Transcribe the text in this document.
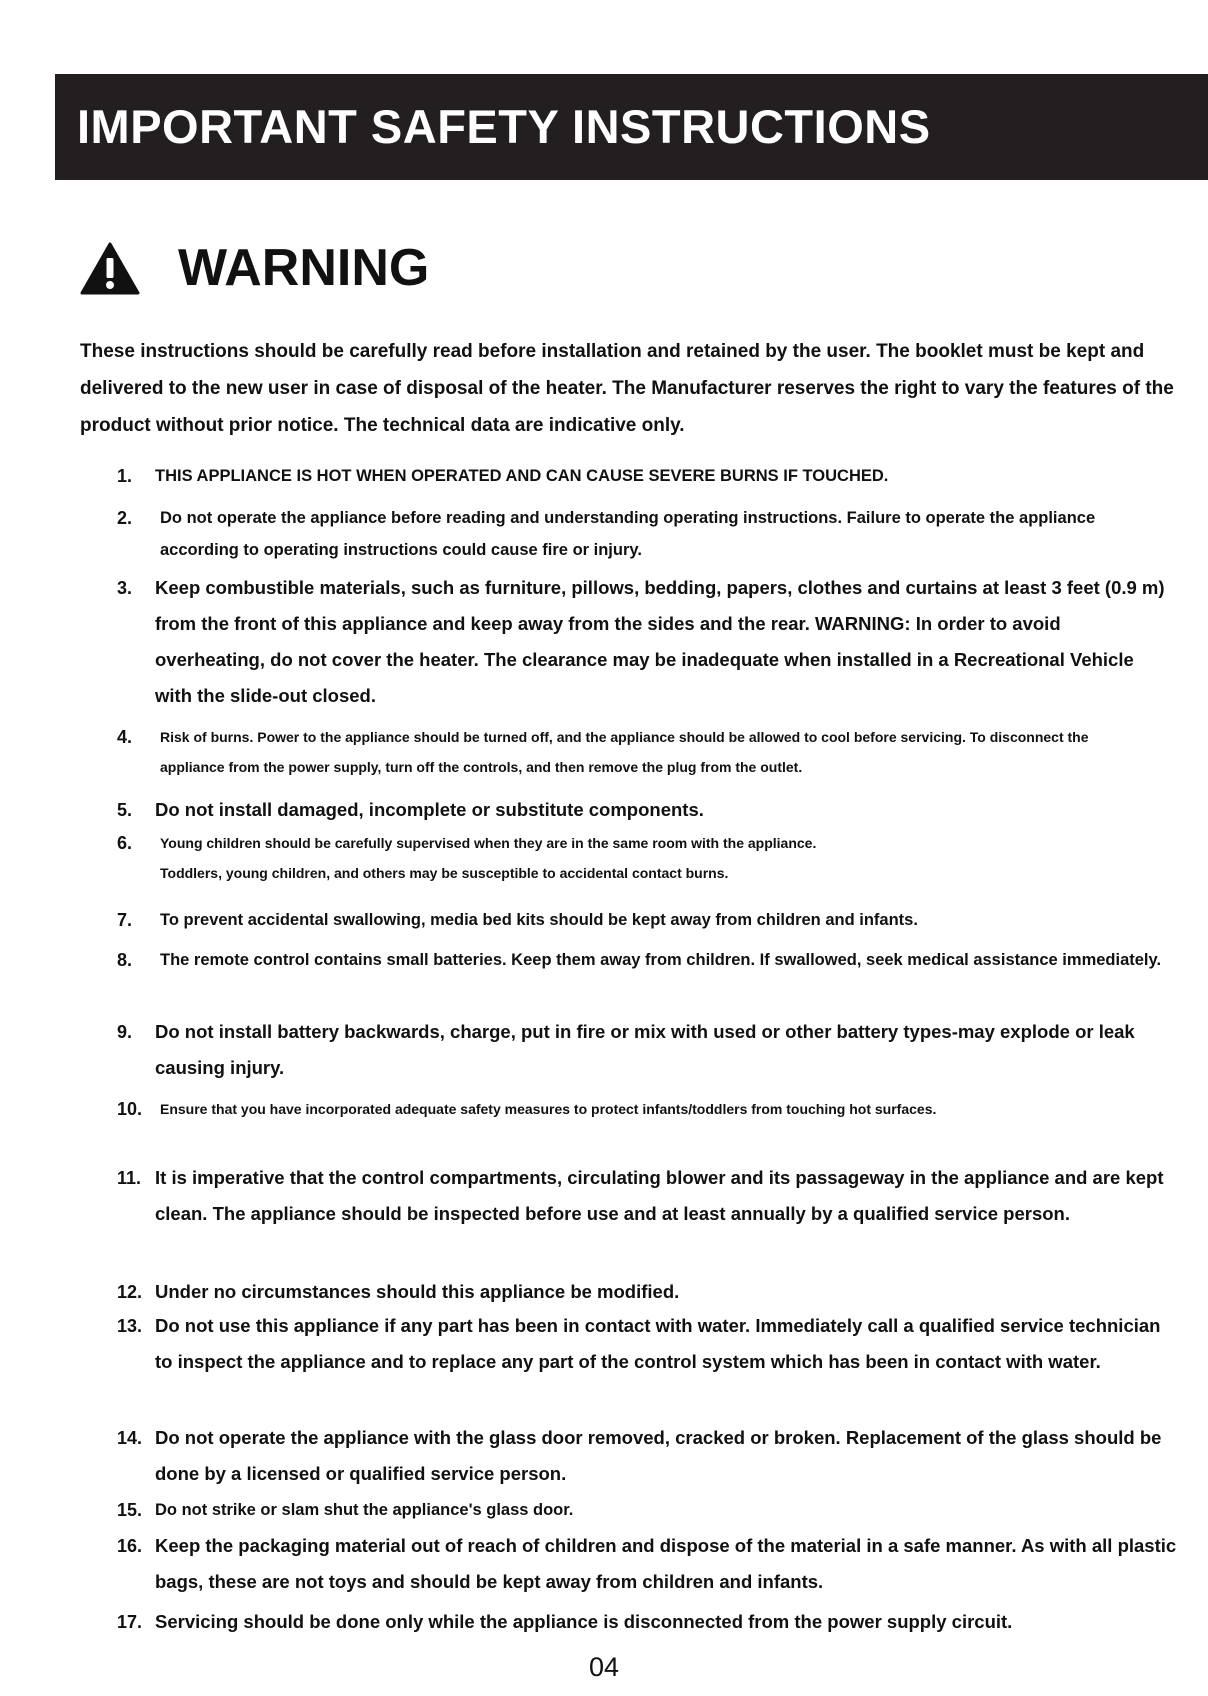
IMPORTANT SAFETY INSTRUCTIONS
WARNING

These instructions should be carefully read before installation and retained by the user. The booklet must be kept and delivered to the new user in case of disposal of the heater. The Manufacturer reserves the right to vary the features of the product without prior notice. The technical data are indicative only.

1.	THIS APPLIANCE IS HOT WHEN OPERATED AND CAN CAUSE SEVERE BURNS IF TOUCHED.

2.	Do not operate the appliance before reading and understanding operating instructions. Failure to operate the appliance according to operating instructions could cause fire or injury.

3.	Keep combustible materials, such as furniture, pillows, bedding, papers, clothes and curtains at least 3 feet (0.9 m) from the front of this appliance and keep away from the sides and the rear. WARNING: In order to avoid overheating, do not cover the heater. The clearance may be inadequate when installed in a Recreational Vehicle with the slide-out closed.

4.	Risk of burns. Power to the appliance should be turned off, and the appliance should be allowed to cool before servicing. To disconnect the appliance from the power supply, turn off the controls, and then remove the plug from the outlet.

5.	Do not install damaged, incomplete or substitute components.

6.	Young children should be carefully supervised when they are in the same room with the appliance. Toddlers, young children, and others may be susceptible to accidental contact burns.

7.	To prevent accidental swallowing, media bed kits should be kept away from children and infants.

8.	The remote control contains small batteries. Keep them away from children. If swallowed, seek medical assistance immediately.

9.	Do not install battery backwards, charge, put in fire or mix with used or other battery types-may explode or leak causing injury.

10.	Ensure that you have incorporated adequate safety measures to protect infants/toddlers from touching hot surfaces.

11. It is imperative that the control compartments, circulating blower and its passageway in the appliance and are kept clean. The appliance should be inspected before use and at least annually by a qualified service person.

12. Under no circumstances should this appliance be modified.

13. Do not use this appliance if any part has been in contact with water. Immediately call a qualified service technician to inspect the appliance and to replace any part of the control system which has been in contact with water.

14. Do not operate the appliance with the glass door removed, cracked or broken. Replacement of the glass should be done by a licensed or qualified service person.

15. Do not strike or slam shut the appliance's glass door.

16. Keep the packaging material out of reach of children and dispose of the material in a safe manner. As with all plastic bags, these are not toys and should be kept away from children and infants.

17. Servicing should be done only while the appliance is disconnected from the power supply circuit.

04
